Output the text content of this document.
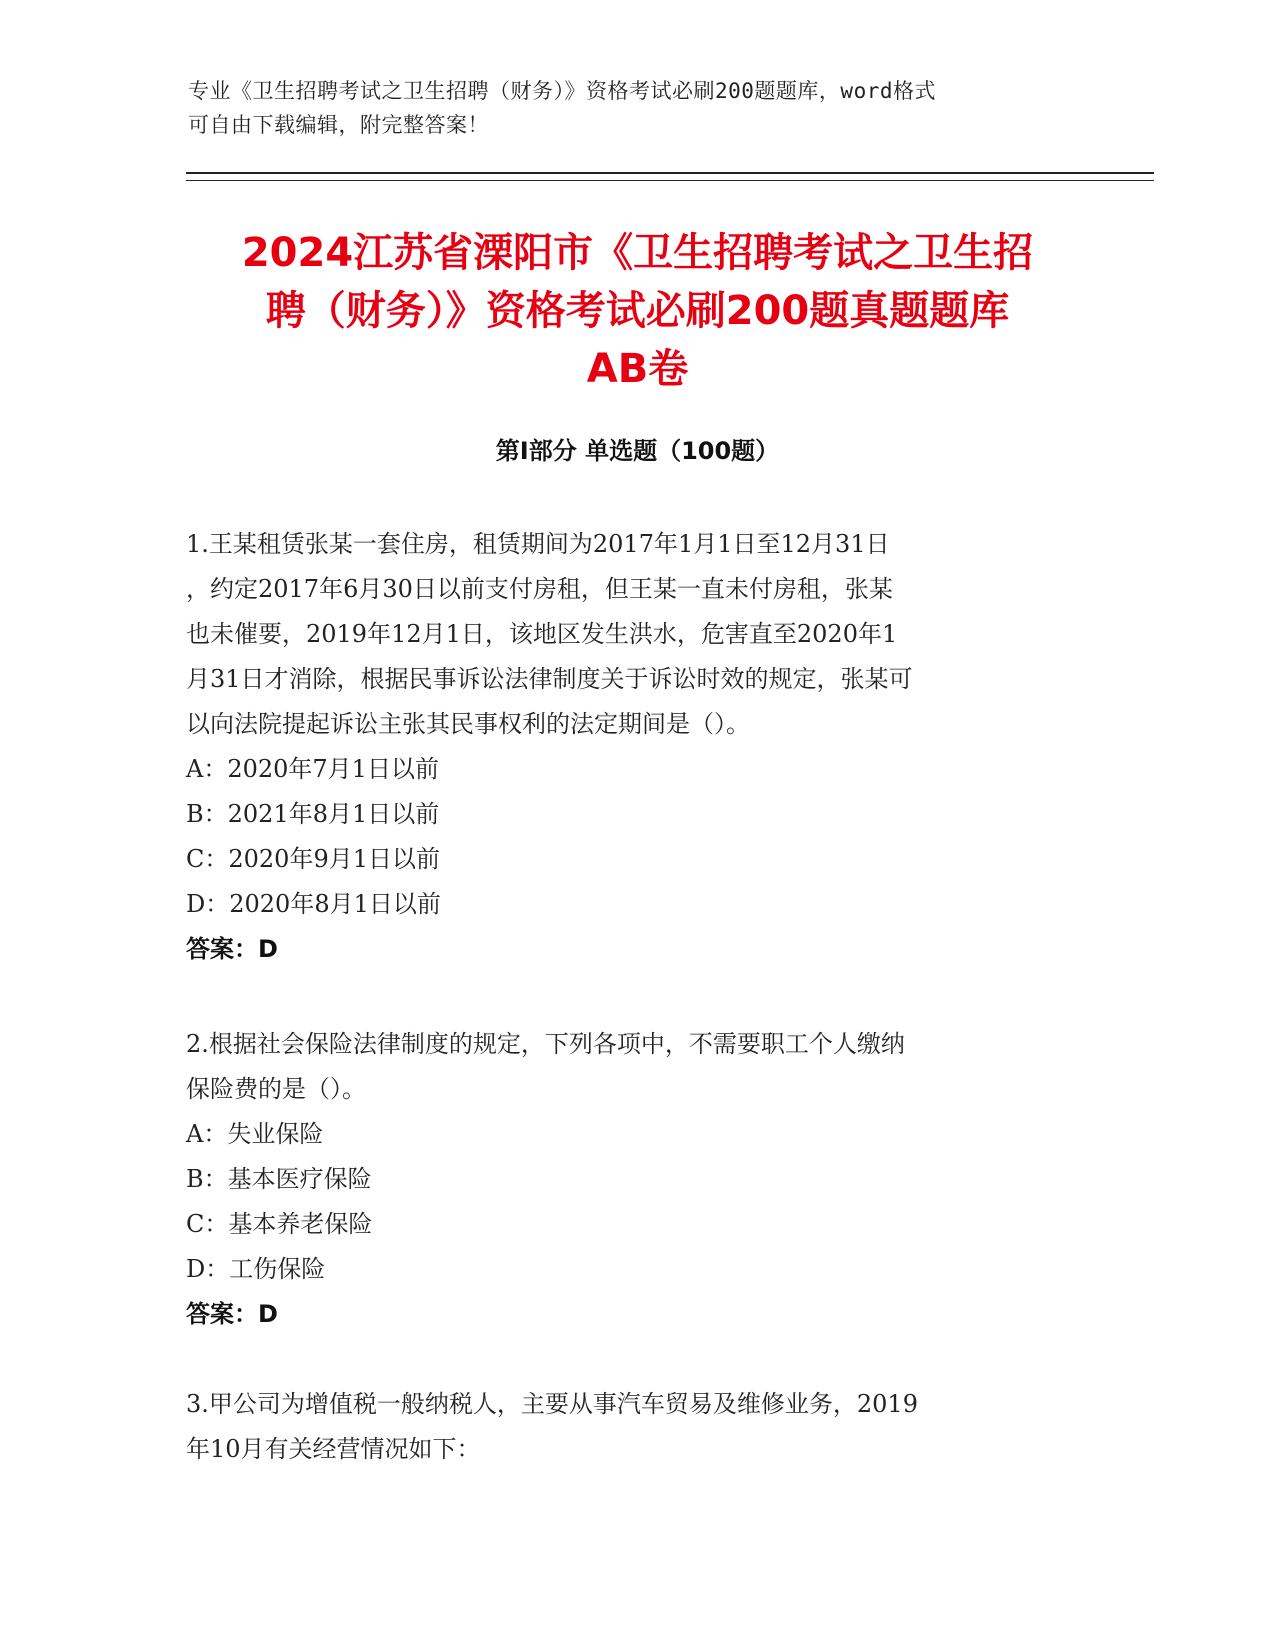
专业《卫生招聘考试之卫生招聘（财务）》资格考试必刷200题题库，word格式
可自由下载编辑，附完整答案！
2024江苏省溧阳市《卫生招聘考试之卫生招
聘（财务）》资格考试必刷200题真题题库
AB卷
第I部分 单选题（100题）

1.王某租赁张某一套住房，租赁期间为2017年1月1日至12月31日

，约定2017年6月30日以前支付房租，但王某一直未付房租，张某

也未催要，2019年12月1日，该地区发生洪水，危害直至2020年1

月31日才消除，根据民事诉讼法律制度关于诉讼时效的规定，张某可

以向法院提起诉讼主张其民事权利的法定期间是（）。

A：2020年7月1日以前

B：2021年8月1日以前

C：2020年9月1日以前

D：2020年8月1日以前

答案：D

2.根据社会保险法律制度的规定，下列各项中，不需要职工个人缴纳

保险费的是（）。

A：失业保险

B：基本医疗保险

C：基本养老保险

D：工伤保险

答案：D

3.甲公司为增值税一般纳税人，主要从事汽车贸易及维修业务，2019

年10月有关经营情况如下：
